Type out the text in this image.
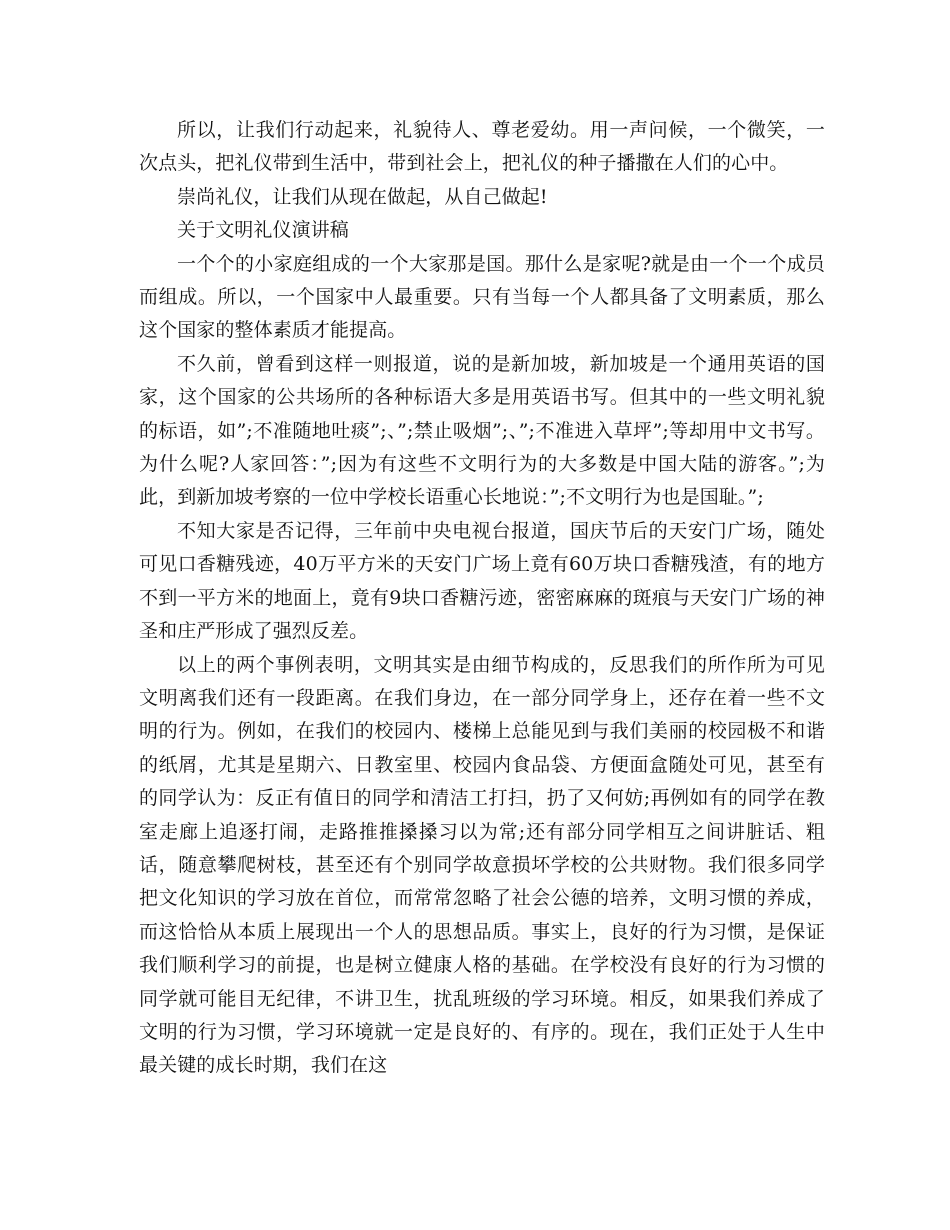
所以，让我们行动起来，礼貌待人、尊老爱幼。用一声问候，一个微笑，一次点头，把礼仪带到生活中，带到社会上，把礼仪的种子播撒在人们的心中。

崇尚礼仪，让我们从现在做起，从自己做起!

关于文明礼仪演讲稿

一个个的小家庭组成的一个大家那是国。那什么是家呢?就是由一个一个成员而组成。所以，一个国家中人最重要。只有当每一个人都具备了文明素质，那么这个国家的整体素质才能提高。

不久前，曾看到这样一则报道，说的是新加坡，新加坡是一个通用英语的国家，这个国家的公共场所的各种标语大多是用英语书写。但其中的一些文明礼貌的标语，如”;不准随地吐痰”;、”;禁止吸烟”;、”;不准进入草坪”;等却用中文书写。为什么呢?人家回答：”;因为有这些不文明行为的大多数是中国大陆的游客。”;为此，到新加坡考察的一位中学校长语重心长地说：”;不文明行为也是国耻。”;

不知大家是否记得，三年前中央电视台报道，国庆节后的天安门广场，随处可见口香糖残迹，40万平方米的天安门广场上竟有60万块口香糖残渣，有的地方不到一平方米的地面上，竟有9块口香糖污迹，密密麻麻的斑痕与天安门广场的神圣和庄严形成了强烈反差。

以上的两个事例表明，文明其实是由细节构成的，反思我们的所作所为可见文明离我们还有一段距离。在我们身边，在一部分同学身上，还存在着一些不文明的行为。例如，在我们的校园内、楼梯上总能见到与我们美丽的校园极不和谐的纸屑，尤其是星期六、日教室里、校园内食品袋、方便面盒随处可见，甚至有的同学认为：反正有值日的同学和清洁工打扫，扔了又何妨;再例如有的同学在教室走廊上追逐打闹，走路推推搡搡习以为常;还有部分同学相互之间讲脏话、粗话，随意攀爬树枝，甚至还有个别同学故意损坏学校的公共财物。我们很多同学把文化知识的学习放在首位，而常常忽略了社会公德的培养，文明习惯的养成，而这恰恰从本质上展现出一个人的思想品质。事实上，良好的行为习惯，是保证我们顺利学习的前提，也是树立健康人格的基础。在学校没有良好的行为习惯的同学就可能目无纪律，不讲卫生，扰乱班级的学习环境。相反，如果我们养成了文明的行为习惯，学习环境就一定是良好的、有序的。现在，我们正处于人生中最关键的成长时期，我们在这
